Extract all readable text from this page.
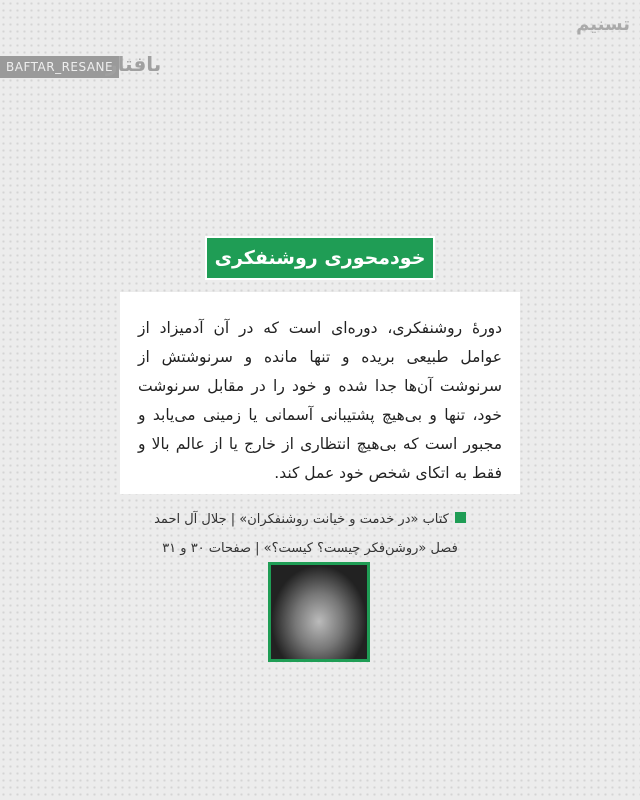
BAFTAR_RESANE
بافتار
تسنیم
خودمحوری روشنفکری
دورۀ روشنفکری، دوره‌ای است که در آن آدمیزاد از عوامل طبیعی بریده و تنها مانده و سرنوشتش از سرنوشت آن‌ها جدا شده و خود را در مقابل سرنوشت خود، تنها و بی‌هیچ پشتیبانی آسمانی یا زمینی می‌یابد و مجبور است که بی‌هیچ انتظاری از خارج یا از عالم بالا و فقط به اتکای شخص خود عمل کند.
کتاب «در خدمت و خیانت روشنفکران» | جلال آل احمد
فصل «روشن‌فکر چیست؟ کیست؟» | صفحات ۳۰ و ۳۱
